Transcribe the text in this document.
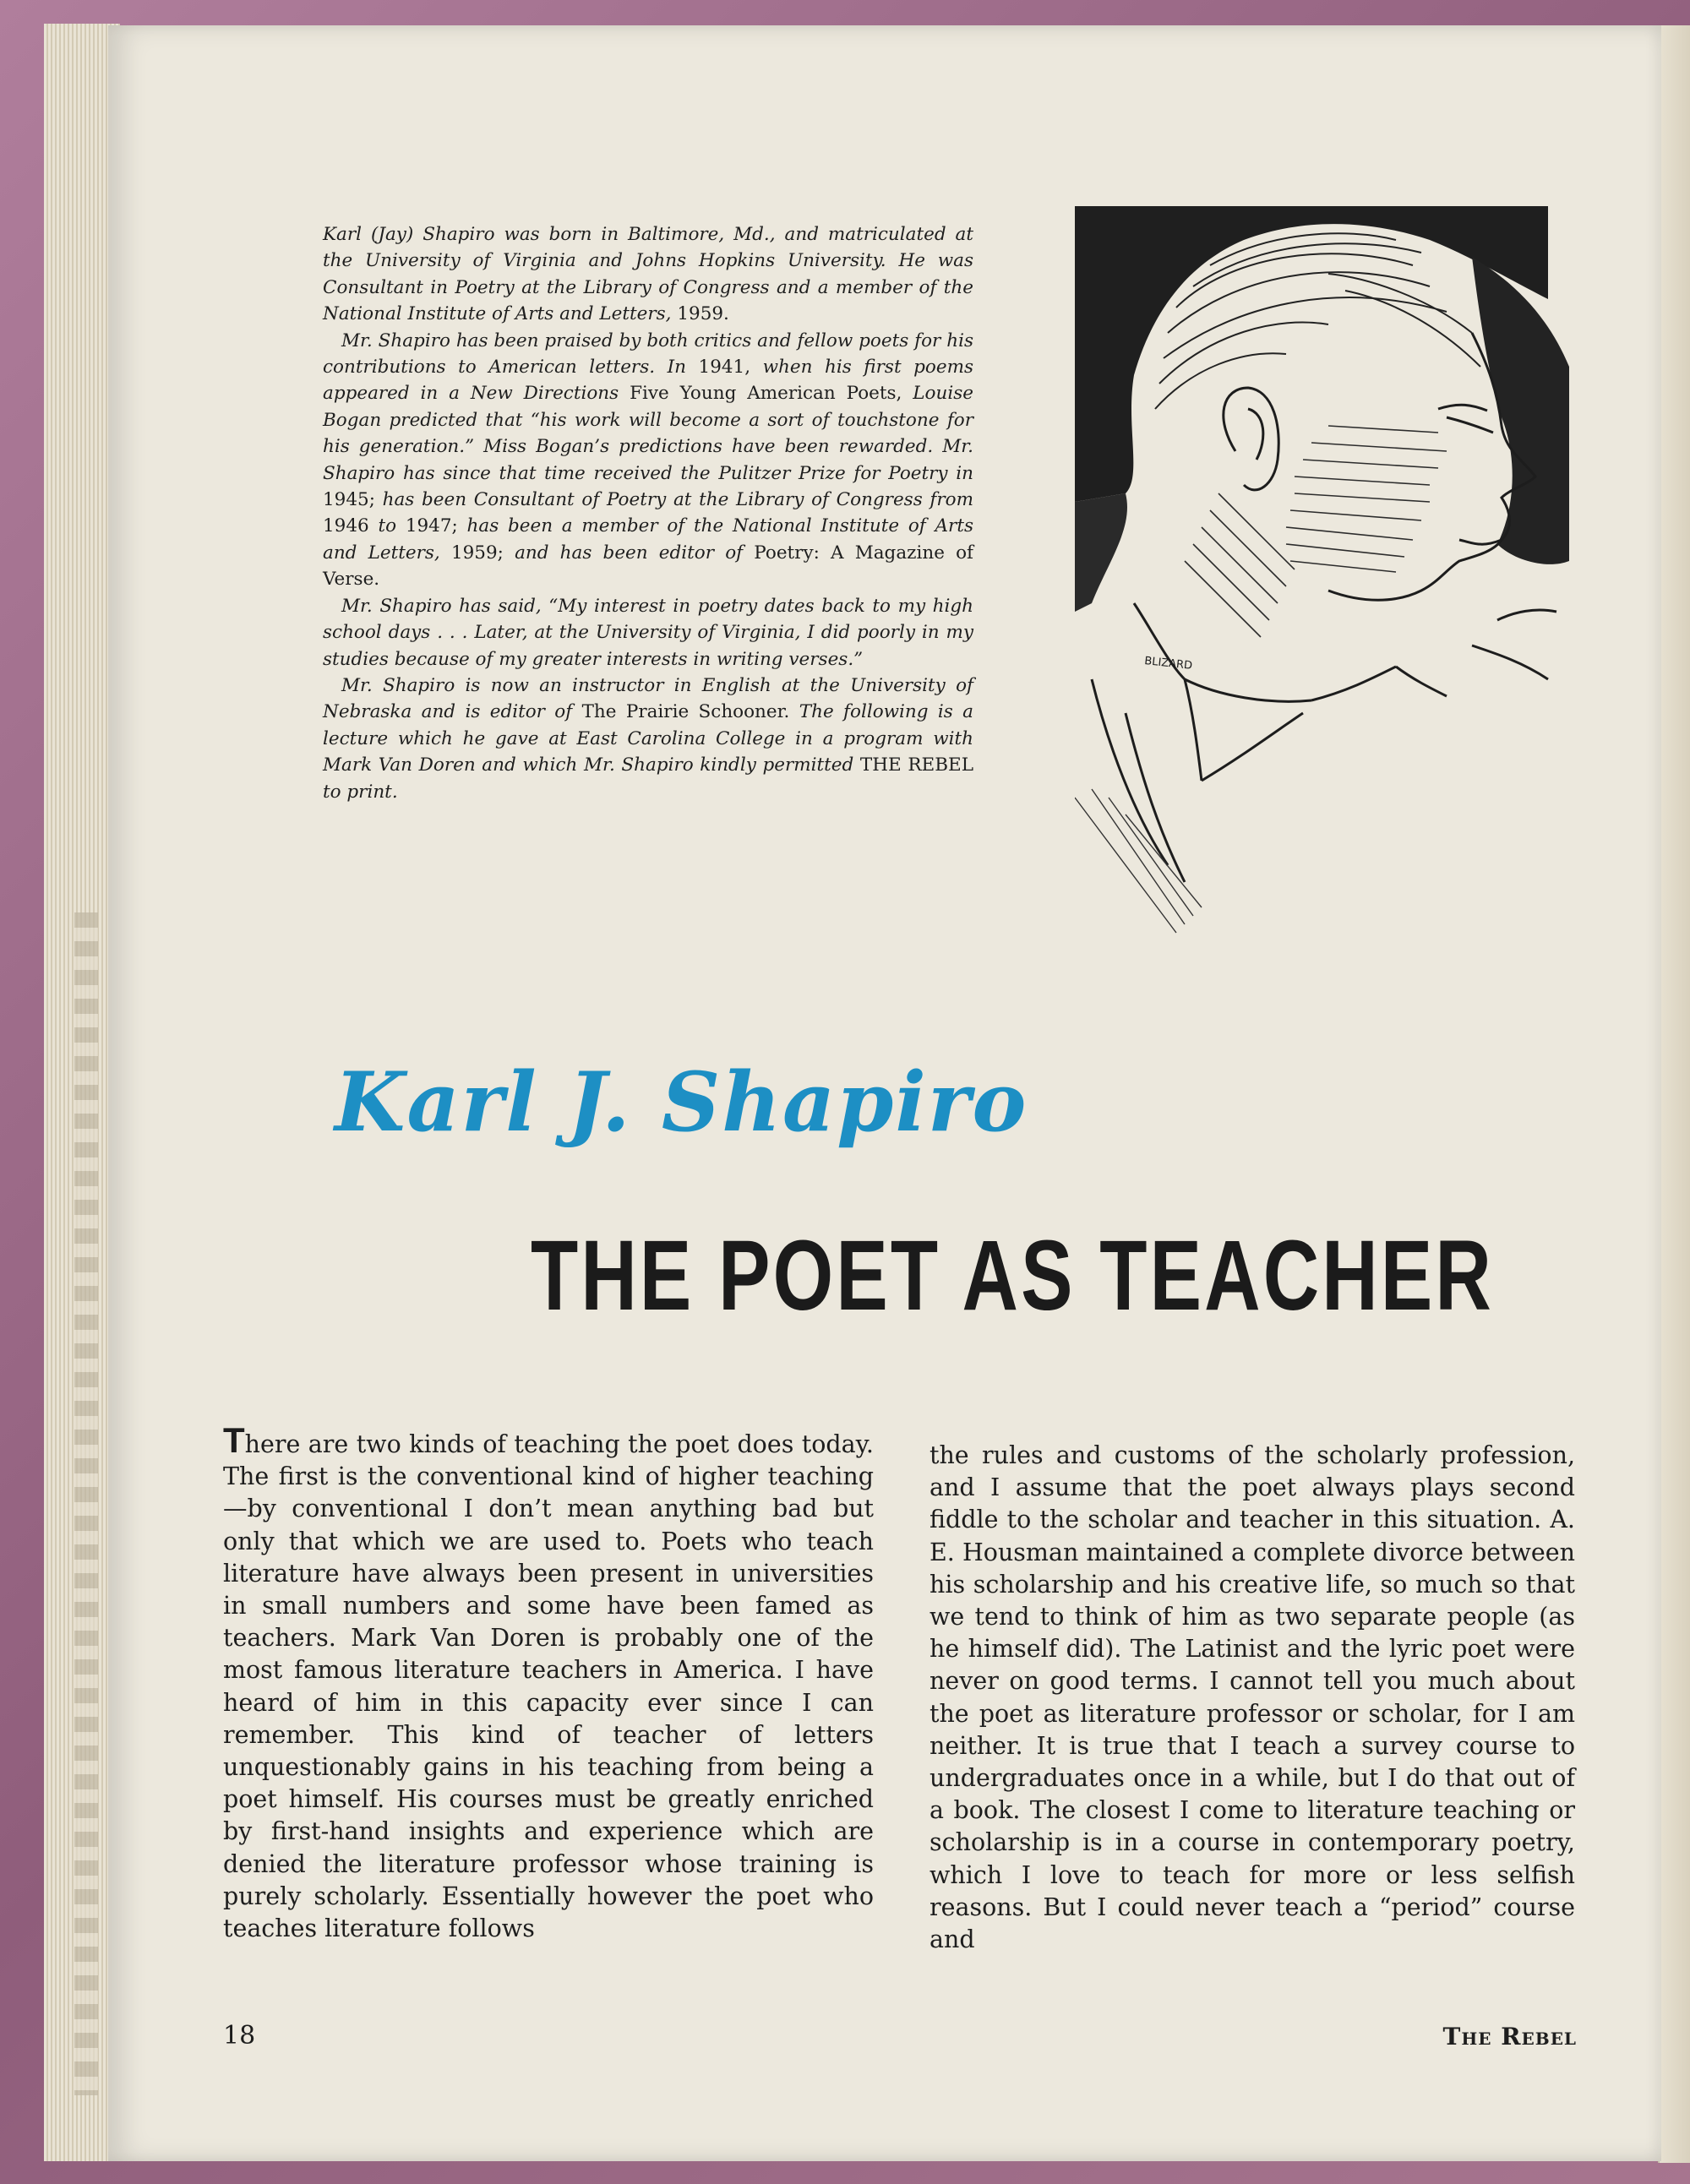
Karl (Jay) Shapiro was born in Baltimore, Md., and matriculated at the University of Virginia and Johns Hopkins University. He was Consultant in Poetry at the Library of Congress and a member of the National Institute of Arts and Letters, 1959.

Mr. Shapiro has been praised by both critics and fellow poets for his contributions to American letters. In 1941, when his first poems appeared in a New Directions Five Young American Poets, Louise Bogan predicted that “his work will become a sort of touchstone for his generation.” Miss Bogan’s predictions have been rewarded. Mr. Shapiro has since that time received the Pulitzer Prize for Poetry in 1945; has been Consultant of Poetry at the Library of Congress from 1946 to 1947; has been a member of the National Institute of Arts and Letters, 1959; and has been editor of Poetry: A Magazine of Verse.

Mr. Shapiro has said, “My interest in poetry dates back to my high school days . . . Later, at the University of Virginia, I did poorly in my studies because of my greater interests in writing verses.”

Mr. Shapiro is now an instructor in English at the University of Nebraska and is editor of The Prairie Schooner. The following is a lecture which he gave at East Carolina College in a program with Mark Van Doren and which Mr. Shapiro kindly permitted THE REBEL to print.

BLIZARD
Karl J. Shapiro
THE POET AS TEACHER

There are two kinds of teaching the poet does today. The first is the conventional kind of higher teaching—by conventional I don’t mean anything bad but only that which we are used to. Poets who teach literature have always been present in universities in small numbers and some have been famed as teachers. Mark Van Doren is probably one of the most famous literature teachers in America. I have heard of him in this capacity ever since I can remember. This kind of teacher of letters unquestionably gains in his teaching from being a poet himself. His courses must be greatly enriched by first-hand insights and experience which are denied the literature professor whose training is purely scholarly. Essentially however the poet who teaches literature follows

the rules and customs of the scholarly profession, and I assume that the poet always plays second fiddle to the scholar and teacher in this situation. A. E. Housman maintained a complete divorce between his scholarship and his creative life, so much so that we tend to think of him as two separate people (as he himself did). The Latinist and the lyric poet were never on good terms. I cannot tell you much about the poet as literature professor or scholar, for I am neither. It is true that I teach a survey course to undergraduates once in a while, but I do that out of a book. The closest I come to literature teaching or scholarship is in a course in contemporary poetry, which I love to teach for more or less selfish reasons. But I could never teach a “period” course and

18	The Rebel
